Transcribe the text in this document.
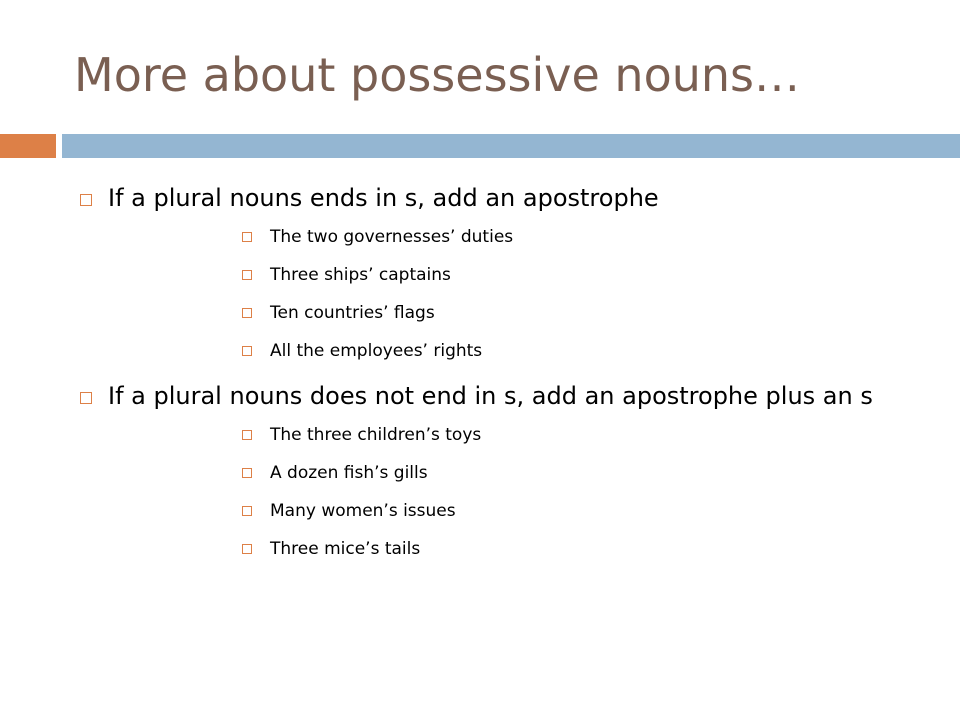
More about possessive nouns…
If a plural nouns ends in s, add an apostrophe
The two governesses’ duties
Three ships’ captains
Ten countries’ flags
All the employees’ rights
If a plural nouns does not end in s, add an apostrophe plus an s
The three children’s toys
A dozen fish’s gills
Many women’s issues
Three mice’s tails
